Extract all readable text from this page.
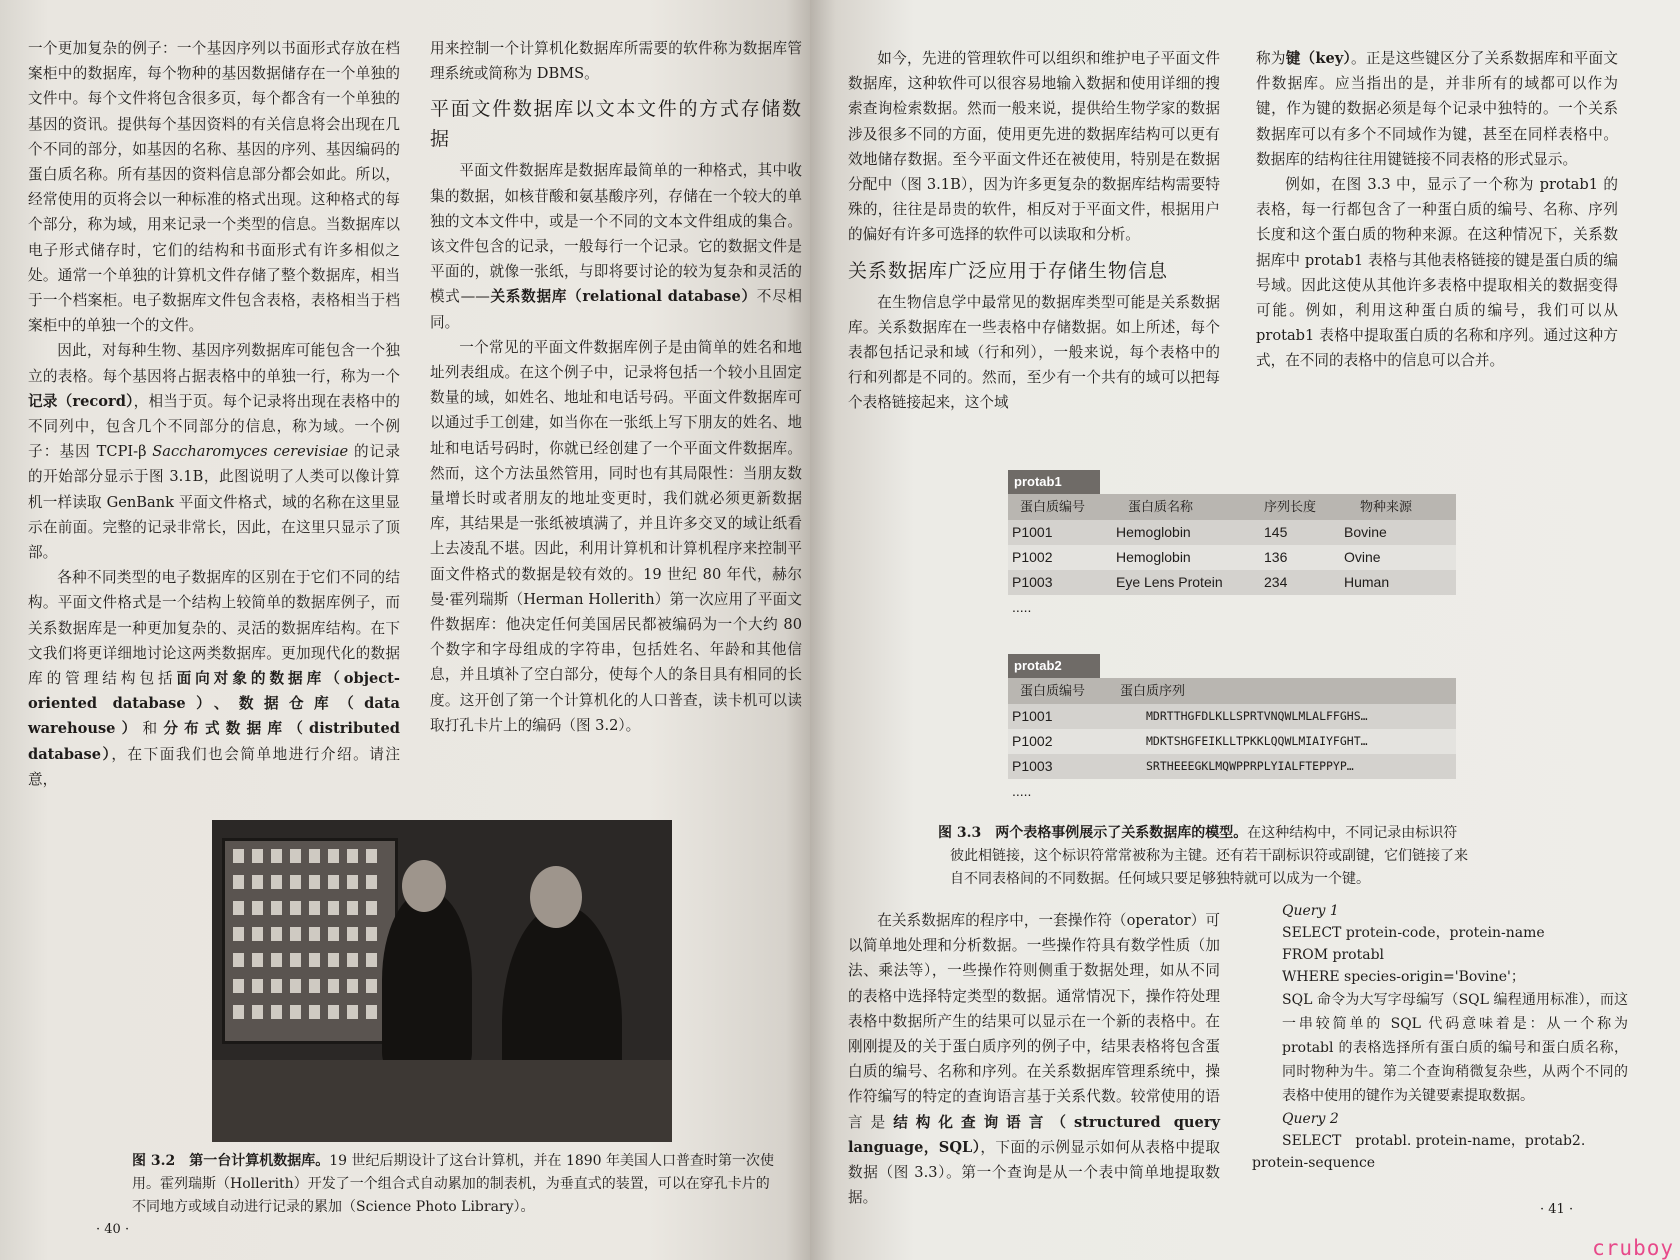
一个更加复杂的例子：一个基因序列以书面形式存放在档案柜中的数据库，每个物种的基因数据储存在一个单独的文件中。每个文件将包含很多页，每个都含有一个单独的基因的资讯。提供每个基因资料的有关信息将会出现在几个不同的部分，如基因的名称、基因的序列、基因编码的蛋白质名称。所有基因的资料信息部分都会如此。所以，经常使用的页将会以一种标准的格式出现。这种格式的每个部分，称为域，用来记录一个类型的信息。当数据库以电子形式储存时，它们的结构和书面形式有许多相似之处。通常一个单独的计算机文件存储了整个数据库，相当于一个档案柜。电子数据库文件包含表格，表格相当于档案柜中的单独一个的文件。

因此，对每种生物、基因序列数据库可能包含一个独立的表格。每个基因将占据表格中的单独一行，称为一个记录（record），相当于页。每个记录将出现在表格中的不同列中，包含几个不同部分的信息，称为域。一个例子：基因 TCPI-β Saccharomyces cerevisiae 的记录的开始部分显示于图 3.1B，此图说明了人类可以像计算机一样读取 GenBank 平面文件格式，域的名称在这里显示在前面。完整的记录非常长，因此，在这里只显示了顶部。

各种不同类型的电子数据库的区别在于它们不同的结构。平面文件格式是一个结构上较简单的数据库例子，而关系数据库是一种更加复杂的、灵活的数据库结构。在下文我们将更详细地讨论这两类数据库。更加现代化的数据库的管理结构包括面向对象的数据库（object-oriented database）、数据仓库（data warehouse）和分布式数据库（distributed database），在下面我们也会简单地进行介绍。请注意，

用来控制一个计算机化数据库所需要的软件称为数据库管理系统或简称为 DBMS。

平面文件数据库以文本文件的方式存储数据

平面文件数据库是数据库最简单的一种格式，其中收集的数据，如核苷酸和氨基酸序列，存储在一个较大的单独的文本文件中，或是一个不同的文本文件组成的集合。该文件包含的记录，一般每行一个记录。它的数据文件是平面的，就像一张纸，与即将要讨论的较为复杂和灵活的模式——关系数据库（relational database）不尽相同。

一个常见的平面文件数据库例子是由简单的姓名和地址列表组成。在这个例子中，记录将包括一个较小且固定数量的域，如姓名、地址和电话号码。平面文件数据库可以通过手工创建，如当你在一张纸上写下朋友的姓名、地址和电话号码时，你就已经创建了一个平面文件数据库。然而，这个方法虽然管用，同时也有其局限性：当朋友数量增长时或者朋友的地址变更时，我们就必须更新数据库，其结果是一张纸被填满了，并且许多交叉的域让纸看上去凌乱不堪。因此，利用计算机和计算机程序来控制平面文件格式的数据是较有效的。19 世纪 80 年代，赫尔曼·霍列瑞斯（Herman Hollerith）第一次应用了平面文件数据库：他决定任何美国居民都被编码为一个大约 80 个数字和字母组成的字符串，包括姓名、年龄和其他信息，并且填补了空白部分，使每个人的条目具有相同的长度。这开创了第一个计算机化的人口普查，读卡机可以读取打孔卡片上的编码（图 3.2）。

图 3.2　第一台计算机数据库。19 世纪后期设计了这台计算机，并在 1890 年美国人口普查时第一次使用。霍列瑞斯（Hollerith）开发了一个组合式自动累加的制表机，为垂直式的装置，可以在穿孔卡片的不同地方或域自动进行记录的累加（Science Photo Library）。
· 40 ·

如今，先进的管理软件可以组织和维护电子平面文件数据库，这种软件可以很容易地输入数据和使用详细的搜索查询检索数据。然而一般来说，提供给生物学家的数据涉及很多不同的方面，使用更先进的数据库结构可以更有效地储存数据。至今平面文件还在被使用，特别是在数据分配中（图 3.1B），因为许多更复杂的数据库结构需要特殊的，往往是昂贵的软件，相反对于平面文件，根据用户的偏好有许多可选择的软件可以读取和分析。

关系数据库广泛应用于存储生物信息

在生物信息学中最常见的数据库类型可能是关系数据库。关系数据库在一些表格中存储数据。如上所述，每个表都包括记录和域（行和列），一般来说，每个表格中的行和列都是不同的。然而，至少有一个共有的域可以把每个表格链接起来，这个域

称为键（key）。正是这些键区分了关系数据库和平面文件数据库。应当指出的是，并非所有的域都可以作为键，作为键的数据必须是每个记录中独特的。一个关系数据库可以有多个不同域作为键，甚至在同样表格中。数据库的结构往往用键链接不同表格的形式显示。

例如，在图 3.3 中，显示了一个称为 protab1 的表格，每一行都包含了一种蛋白质的编号、名称、序列长度和这个蛋白质的物种来源。在这种情况下，关系数据库中 protab1 表格与其他表格链接的键是蛋白质的编号域。因此这使从其他许多表格中提取相关的数据变得可能。例如，利用这种蛋白质的编号，我们可以从 protab1 表格中提取蛋白质的名称和序列。通过这种方式，在不同的表格中的信息可以合并。

图 3.3　两个表格事例展示了关系数据库的模型。在这种结构中，不同记录由标识符
彼此相链接，这个标识符常常被称为主键。还有若干副标识符或副键，它们链接了来
自不同表格间的不同数据。任何域只要足够独特就可以成为一个键。

在关系数据库的程序中，一套操作符（operator）可以简单地处理和分析数据。一些操作符具有数学性质（加法、乘法等），一些操作符则侧重于数据处理，如从不同的表格中选择特定类型的数据。通常情况下，操作符处理表格中数据所产生的结果可以显示在一个新的表格中。在刚刚提及的关于蛋白质序列的例子中，结果表格将包含蛋白质的编号、名称和序列。在关系数据库管理系统中，操作符编写的特定的查询语言基于关系代数。较常使用的语言是结构化查询语言（structured query language，SQL），下面的示例显示如何从表格中提取数据（图 3.3）。第一个查询是从一个表中简单地提取数据。

· 41 ·
protab1
蛋白质编号	蛋白质名称	序列长度	物种来源
P1001	Hemoglobin	145	Bovine
P1002	Hemoglobin	136	Ovine
P1003	Eye Lens Protein	234	Human
.....
protab2
蛋白质编号	蛋白质序列
P1001	MDRTTHGFDLKLLSPRTVNQWLMLALFFGHS…
P1002	MDKTSHGFEIKLLTPKKLQQWLMIAIYFGHT…
P1003	SRTHEEEGKLMQWPPRPLYIALFTEPPYP…
.....
Query 1
SELECT protein-code，protein-name
FROM protabl
WHERE species-origin='Bovine'；
SQL 命令为大写字母编写（SQL 编程通用标准），而这一串较简单的 SQL 代码意味着是：从一个称为 protabl 的表格选择所有蛋白质的编号和蛋白质名称，同时物种为牛。第二个查询稍微复杂些，从两个不同的表格中使用的键作为关键要素提取数据。
Query 2
SELECT　protabl. protein-name，protab2.
protein-sequence
cruboy
